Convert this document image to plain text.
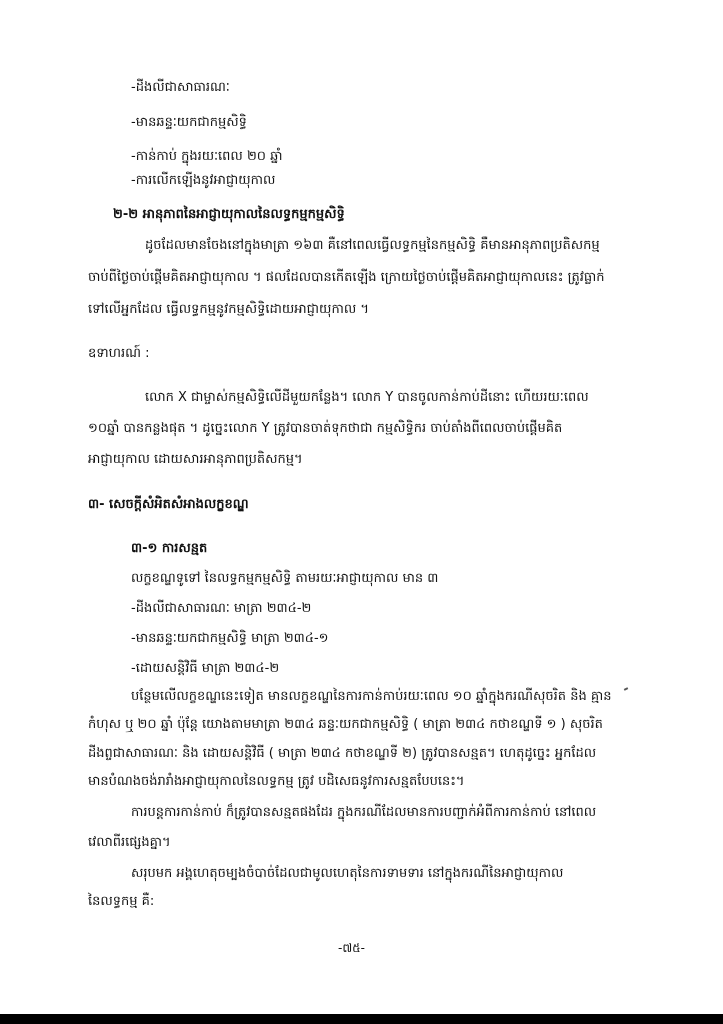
-ដីងលីជាសាធារណៈ
-មានឆន្ទៈយកជាកម្មសិទ្ធិ
-កាន់កាប់ ក្នុងរយៈពេល ២០ ឆ្នាំ
-ការលើកឡើងនូវអាជ្ញាយុកាល
២-២ អានុភាពនៃអាជ្ញាយុកាលនៃលទ្ធកម្មកម្មសិទ្ធិ
ដូចដែលមានចែងនៅក្នុងមាត្រា ១៦៣ គឺនៅពេលធ្វើលទ្ធកម្មនៃកម្មសិទ្ធិ គឺមានអានុភាពប្រតិសកម្ម
ចាប់ពីថ្ងៃចាប់ផ្តើមគិតអាជ្ញាយុកាល ។ ផលដែលបានកើតឡើង ក្រោយថ្ងៃចាប់ផ្តើមគិតអាជ្ញាយុកាលនេះ ត្រូវធ្លាក់
ទៅលើអ្នកដែល ធ្វើលទ្ធកម្មនូវកម្មសិទ្ធិដោយអាជ្ញាយុកាល ។
ឧទាហរណ៍ :
លោក X ជាម្ចាស់កម្មសិទ្ធិលើដីមួយកន្លែង។ លោក Y បានចូលកាន់កាប់ដីនោះ ហើយរយៈពេល
១០ឆ្នាំ បានកន្លងផុត ។ ដូច្នេះលោក Y ត្រូវបានចាត់ទុកថាជា កម្មសិទ្ធិករ ចាប់តាំងពីពេលចាប់ផ្តើមគិត
អាជ្ញាយុកាល ដោយសារអានុភាពប្រតិសកម្ម។
៣- សេចក្តីសំអិតសំអាងលក្ខខណ្ឌ
៣-១ ការសន្មត
លក្ខខណ្ឌទូទៅ នៃលទ្ធកម្មកម្មសិទ្ធិ តាមរយៈអាជ្ញាយុកាល មាន ៣
-ដីងលីជាសាធារណៈ មាត្រា ២៣៤-២
-មានឆន្ទៈយកជាកម្មសិទ្ធិ មាត្រា ២៣៤-១
-ដោយសន្តិវិធី មាត្រា ២៣៤-២
បន្ថែមលើលក្ខខណ្ឌនេះទៀត មានលក្ខខណ្ឌនៃការកាន់កាប់រយៈពេល ១០ ឆ្នាំក្នុងករណីសុចរិត និង គ្មាន
កំហុស ឬ ២០ ឆ្នាំ ប៉ុន្តែ យោងតាមមាត្រា ២៣៤ ឆន្ទៈយកជាកម្មសិទ្ធិ ( មាត្រា ២៣៤ កថាខណ្ឌទី ១ ) សុចរិត
ដីងព្ចជាសាធារណៈ និង ដោយសន្តិវិធី ( មាត្រា ២៣៤ កថាខណ្ឌទី ២) ត្រូវបានសន្មត។ ហេតុដូច្នេះ អ្នកដែល
មានបំណងចង់រារាំងអាជ្ញាយុកាលនៃលទ្ធកម្ម ត្រូវ បដិសេធនូវការសន្មតបែបនេះ។
ការបន្តការកាន់កាប់ ក៏ត្រូវបានសន្មតផងដែរ ក្នុងករណីដែលមានការបញ្ជាក់អំពីការកាន់កាប់ នៅពេល
វេលាពីរផ្សេងគ្នា។
សរុបមក អង្គហេតុចម្បងចំបាច់ដែលជាមូលហេតុនៃការទាមទារ នៅក្នុងករណីនៃអាជ្ញាយុកាល
នៃលទ្ធកម្ម គឺ:
-៧៥-
